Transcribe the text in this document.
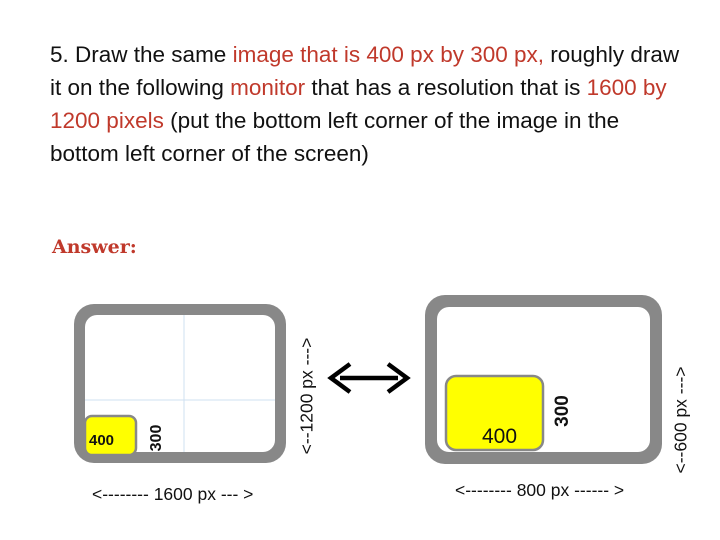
5. Draw the same image that is 400 px by 300 px, roughly draw it on the following monitor that has a resolution that is 1600 by 1200 pixels (put the bottom left corner of the image in the bottom left corner of the screen)
Answer:
400 300
<-------- 1600 px --- >
<--1200 px --->	400
300
<-------- 800 px ------ >
<--600 px --->
